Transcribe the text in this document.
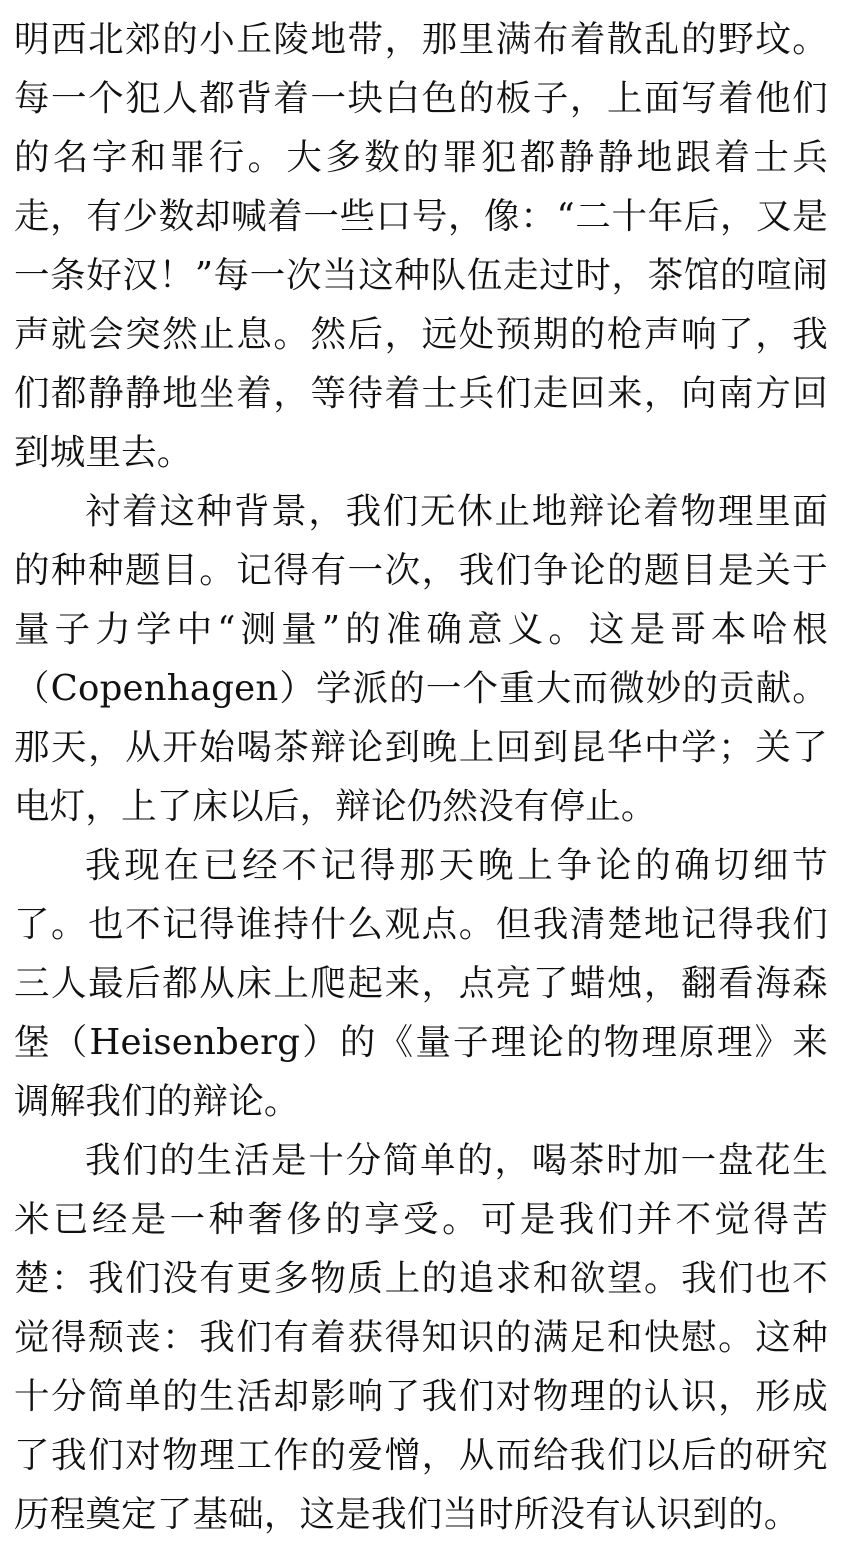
明西北郊的小丘陵地带，那里满布着散乱的野坟。每一个犯人都背着一块白色的板子，上面写着他们的名字和罪行。大多数的罪犯都静静地跟着士兵走，有少数却喊着一些口号，像：“二十年后，又是一条好汉！”每一次当这种队伍走过时，茶馆的喧闹声就会突然止息。然后，远处预期的枪声响了，我们都静静地坐着，等待着士兵们走回来，向南方回到城里去。

衬着这种背景，我们无休止地辩论着物理里面的种种题目。记得有一次，我们争论的题目是关于量子力学中“测量”的准确意义。这是哥本哈根（Copenhagen）学派的一个重大而微妙的贡献。那天，从开始喝茶辩论到晚上回到昆华中学；关了电灯，上了床以后，辩论仍然没有停止。

我现在已经不记得那天晚上争论的确切细节了。也不记得谁持什么观点。但我清楚地记得我们三人最后都从床上爬起来，点亮了蜡烛，翻看海森堡（Heisenberg）的《量子理论的物理原理》来调解我们的辩论。

我们的生活是十分简单的，喝茶时加一盘花生米已经是一种奢侈的享受。可是我们并不觉得苦楚：我们没有更多物质上的追求和欲望。我们也不觉得颓丧：我们有着获得知识的满足和快慰。这种十分简单的生活却影响了我们对物理的认识，形成了我们对物理工作的爱憎，从而给我们以后的研究历程奠定了基础，这是我们当时所没有认识到的。
